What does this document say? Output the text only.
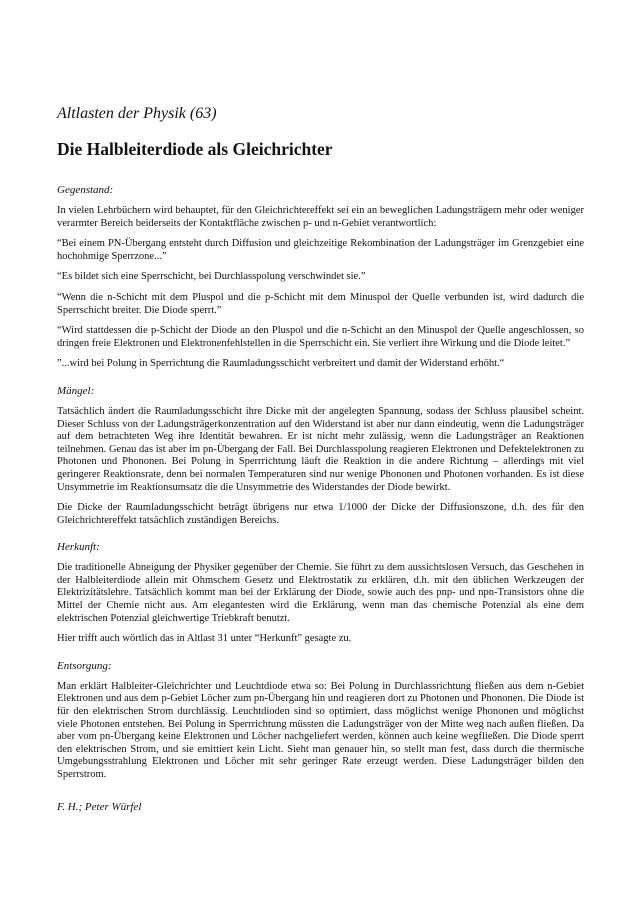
Altlasten der Physik (63)
Die Halbleiterdiode als Gleichrichter
Gegenstand:

In vielen Lehrbüchern wird behauptet, für den Gleichrichtereffekt sei ein an beweglichen Ladungsträgern mehr oder weniger verarmter Bereich beiderseits der Kontaktfläche zwischen p- und n-Gebiet verantwortlich:

“Bei einem PN-Übergang entsteht durch Diffusion und gleichzeitige Rekombination der Ladungsträger im Grenzgebiet eine hochohmige Sperrzone...”

“Es bildet sich eine Sperrschicht, bei Durchlasspolung verschwindet sie.”

“Wenn die n-Schicht mit dem Pluspol und die p-Schicht mit dem Minuspol der Quelle verbunden ist, wird dadurch die Sperrschicht breiter. Die Diode sperrt.”

“Wird stattdessen die p-Schicht der Diode an den Pluspol und die n-Schicht an den Minuspol der Quelle angeschlossen, so dringen freie Elektronen und Elektronenfehlstellen in die Sperrschicht ein. Sie verliert ihre Wirkung und die Diode leitet.”

”...wird bei Polung in Sperrichtung die Raumladungsschicht verbreitert und damit der Widerstand erhöht.“

Mängel:

Tatsächlich ändert die Raumladungsschicht ihre Dicke mit der angelegten Spannung, sodass der Schluss plausibel scheint. Dieser Schluss von der Ladungsträgerkonzentration auf den Widerstand ist aber nur dann eindeutig, wenn die Ladungsträger auf dem betrachteten Weg ihre Identität bewahren. Er ist nicht mehr zulässig, wenn die Ladungsträger an Reaktionen teilnehmen. Genau das ist aber im pn-Übergang der Fall. Bei Durchlasspolung reagieren Elektronen und Defektelektronen zu Photonen und Phononen. Bei Polung in Sperrrichtung läuft die Reaktion in die andere Richtung – allerdings mit viel geringerer Reaktionsrate, denn bei normalen Temperaturen sind nur wenige Phononen und Photonen vorhanden. Es ist diese Unsymmetrie im Reaktionsumsatz die die Unsymmetrie des Widerstandes der Diode bewirkt.

Die Dicke der Raumladungsschicht beträgt übrigens nur etwa 1/1000 der Dicke der Diffusionszone, d.h. des für den Gleichrichtereffekt tatsächlich zuständigen Bereichs.

Herkunft:

Die traditionelle Abneigung der Physiker gegenüber der Chemie. Sie führt zu dem aussichtslosen Versuch, das Geschehen in der Halbleiterdiode allein mit Ohmschem Gesetz und Elektrostatik zu erklären, d.h. mit den üblichen Werkzeugen der Elektrizitätslehre. Tatsächlich kommt man bei der Erklärung der Diode, sowie auch des pnp- und npn-Transistors ohne die Mittel der Chemie nicht aus. Am elegantesten wird die Erklärung, wenn man das chemische Potenzial als eine dem elektrischen Potenzial gleichwertige Triebkraft benutzt.

Hier trifft auch wörtlich das in Altlast 31 unter “Herkunft” gesagte zu.

Entsorgung:

Man erklärt Halbleiter-Gleichrichter und Leuchtdiode etwa so: Bei Polung in Durchlassrichtung fließen aus dem n-Gebiet Elektronen und aus dem p-Gebiet Löcher zum pn-Übergang hin und reagieren dort zu Photonen und Phononen. Die Diode ist für den elektrischen Strom durchlässig. Leuchtdioden sind so optimiert, dass möglichst wenige Phononen und möglichst viele Photonen entstehen. Bei Polung in Sperrrichtung müssten die Ladungsträger von der Mitte weg nach außen fließen. Da aber vom pn-Übergang keine Elektronen und Löcher nachgeliefert werden, können auch keine wegfließen. Die Diode sperrt den elektrischen Strom, und sie emittiert kein Licht. Sieht man genauer hin, so stellt man fest, dass durch die thermische Umgebungsstrahlung Elektronen und Löcher mit sehr geringer Rate erzeugt werden. Diese Ladungsträger bilden den Sperrstrom.

F. H.; Peter Würfel
